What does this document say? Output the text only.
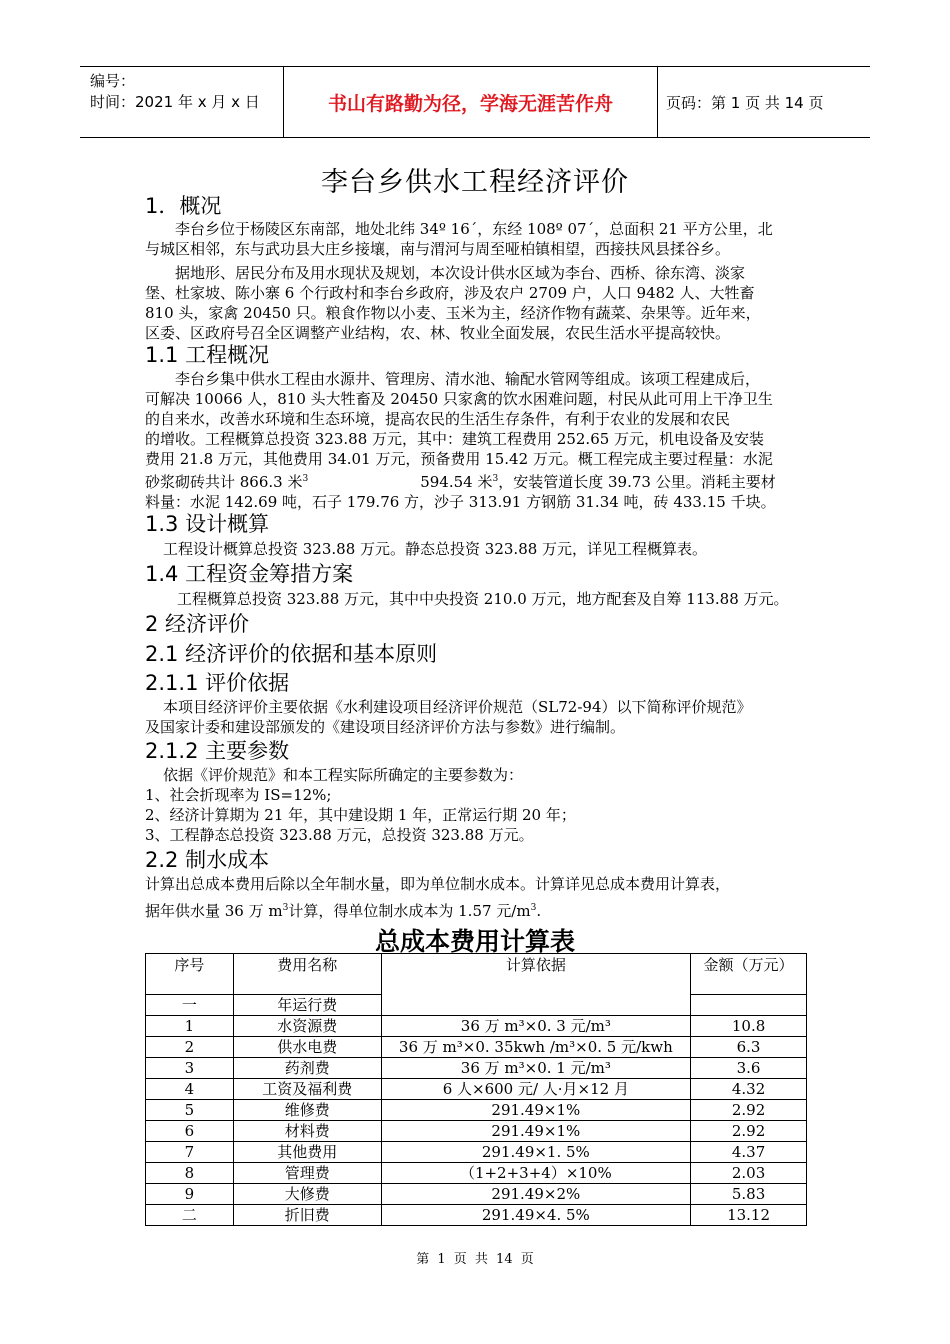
编号：
时间：2021 年 x 月 x 日	书山有路勤为径，学海无涯苦作舟	页码：第 1 页 共 14 页
李台乡供水工程经济评价
1．概况
李台乡位于杨陵区东南部，地处北纬 34º 16´，东经 108º 07´，总面积 21 平方公里，北
与城区相邻，东与武功县大庄乡接壤，南与渭河与周至哑柏镇相望，西接扶风县揉谷乡。
据地形、居民分布及用水现状及规划，本次设计供水区域为李台、西桥、徐东湾、淡家
堡、杜家坡、陈小寨 6 个行政村和李台乡政府，涉及农户 2709 户，人口 9482 人、大牲畜
810 头，家禽 20450 只。粮食作物以小麦、玉米为主，经济作物有蔬菜、杂果等。近年来，
区委、区政府号召全区调整产业结构，农、林、牧业全面发展，农民生活水平提高较快。
1.1 工程概况
李台乡集中供水工程由水源井、管理房、清水池、输配水管网等组成。该项工程建成后，
可解决 10066 人，810 头大牲畜及 20450 只家禽的饮水困难问题，村民从此可用上干净卫生
的自来水，改善水环境和生态环境，提高农民的生活生存条件，有利于农业的发展和农民
的增收。工程概算总投资 323.88 万元，其中：建筑工程费用 252.65 万元，机电设备及安装
费用 21.8 万元，其他费用 34.01 万元，预备费用 15.42 万元。概工程完成主要过程量：水泥
砂浆砌砖共计 866.3 米$^3$	594.54 米$^3$，安装管道长度 39.73 公里。消耗主要材
料量：水泥 142.69 吨，石子 179.76 方，沙子 313.91 方钢筋 31.34 吨，砖 433.15 千块。
1.3 设计概算
工程设计概算总投资 323.88 万元。静态总投资 323.88 万元，详见工程概算表。
1.4 工程资金筹措方案
工程概算总投资 323.88 万元，其中中央投资 210.0 万元，地方配套及自筹 113.88 万元。
2 经济评价
2.1 经济评价的依据和基本原则
2.1.1 评价依据
本项目经济评价主要依据《水利建设项目经济评价规范（SL72-94）以下简称评价规范》
及国家计委和建设部颁发的《建设项目经济评价方法与参数》进行编制。
2.1.2 主要参数
依据《评价规范》和本工程实际所确定的主要参数为：
1、社会折现率为 IS=12%;
2、经济计算期为 21 年，其中建设期 1 年，正常运行期 20 年；
3、工程静态总投资 323.88 万元，总投资 323.88 万元。
2.2 制水成本
计算出总成本费用后除以全年制水量，即为单位制水成本。计算详见总成本费用计算表，
据年供水量 36 万 $m^3$计算，得单位制水成本为 1.57 元$/m^3$.
总成本费用计算表
序号	费用名称	计算依据	金额（万元）
一	年运行费		
1	水资源费	36 万 m³×0. 3 元/m³	10.8
2	供水电费	36 万 m³×0. 35kwh /m³×0. 5 元/kwh	6.3
3	药剂费	36 万 m³×0. 1 元/m³	3.6
4	工资及福利费	6 人×600 元/ 人·月×12 月	4.32
5	维修费	291.49×1%	2.92
6	材料费	291.49×1%	2.92
7	其他费用	291.49×1. 5%	4.37
8	管理费	（1+2+3+4）×10%	2.03
9	大修费	291.49×2%	5.83
二	折旧费	291.49×4. 5%	13.12
第 1 页 共 14 页
